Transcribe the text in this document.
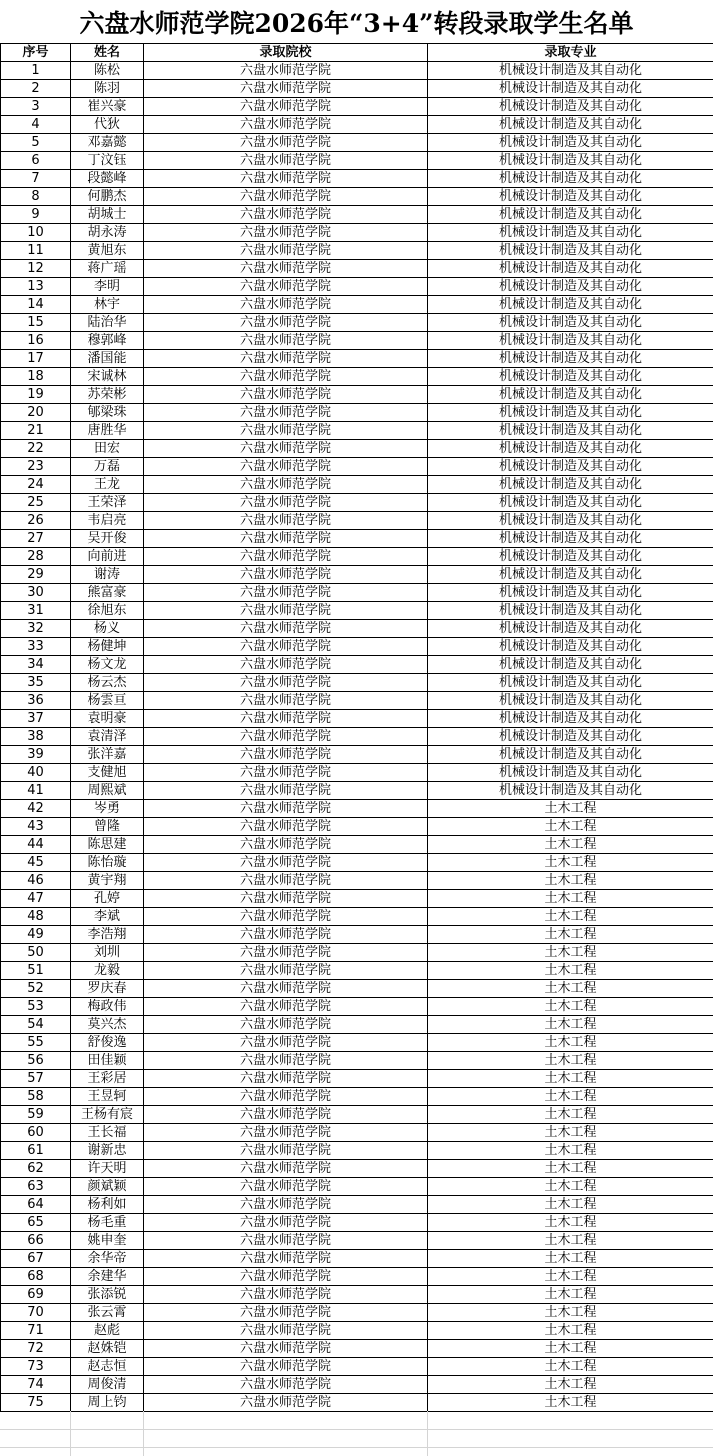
六盘水师范学院2026年“3+4”转段录取学生名单
序号	姓名	录取院校	录取专业
1	陈松	六盘水师范学院	机械设计制造及其自动化
2	陈羽	六盘水师范学院	机械设计制造及其自动化
3	崔兴豪	六盘水师范学院	机械设计制造及其自动化
4	代狄	六盘水师范学院	机械设计制造及其自动化
5	邓嘉懿	六盘水师范学院	机械设计制造及其自动化
6	丁汶钰	六盘水师范学院	机械设计制造及其自动化
7	段懿峰	六盘水师范学院	机械设计制造及其自动化
8	何鹏杰	六盘水师范学院	机械设计制造及其自动化
9	胡城士	六盘水师范学院	机械设计制造及其自动化
10	胡永涛	六盘水师范学院	机械设计制造及其自动化
11	黄旭东	六盘水师范学院	机械设计制造及其自动化
12	蒋广瑶	六盘水师范学院	机械设计制造及其自动化
13	李明	六盘水师范学院	机械设计制造及其自动化
14	林宇	六盘水师范学院	机械设计制造及其自动化
15	陆治华	六盘水师范学院	机械设计制造及其自动化
16	穆郭峰	六盘水师范学院	机械设计制造及其自动化
17	潘国能	六盘水师范学院	机械设计制造及其自动化
18	宋诚林	六盘水师范学院	机械设计制造及其自动化
19	苏荣彬	六盘水师范学院	机械设计制造及其自动化
20	郇梁珠	六盘水师范学院	机械设计制造及其自动化
21	唐胜华	六盘水师范学院	机械设计制造及其自动化
22	田宏	六盘水师范学院	机械设计制造及其自动化
23	万磊	六盘水师范学院	机械设计制造及其自动化
24	王龙	六盘水师范学院	机械设计制造及其自动化
25	王荣泽	六盘水师范学院	机械设计制造及其自动化
26	韦启亮	六盘水师范学院	机械设计制造及其自动化
27	吴开俊	六盘水师范学院	机械设计制造及其自动化
28	向前进	六盘水师范学院	机械设计制造及其自动化
29	谢涛	六盘水师范学院	机械设计制造及其自动化
30	熊富豪	六盘水师范学院	机械设计制造及其自动化
31	徐旭东	六盘水师范学院	机械设计制造及其自动化
32	杨义	六盘水师范学院	机械设计制造及其自动化
33	杨健坤	六盘水师范学院	机械设计制造及其自动化
34	杨文龙	六盘水师范学院	机械设计制造及其自动化
35	杨云杰	六盘水师范学院	机械设计制造及其自动化
36	杨雲亘	六盘水师范学院	机械设计制造及其自动化
37	袁明豪	六盘水师范学院	机械设计制造及其自动化
38	袁清泽	六盘水师范学院	机械设计制造及其自动化
39	张洋嘉	六盘水师范学院	机械设计制造及其自动化
40	支健旭	六盘水师范学院	机械设计制造及其自动化
41	周熙斌	六盘水师范学院	机械设计制造及其自动化
42	岑勇	六盘水师范学院	土木工程
43	曾隆	六盘水师范学院	土木工程
44	陈思建	六盘水师范学院	土木工程
45	陈怡璇	六盘水师范学院	土木工程
46	黄宇翔	六盘水师范学院	土木工程
47	孔婷	六盘水师范学院	土木工程
48	李斌	六盘水师范学院	土木工程
49	李浩翔	六盘水师范学院	土木工程
50	刘圳	六盘水师范学院	土木工程
51	龙毅	六盘水师范学院	土木工程
52	罗庆春	六盘水师范学院	土木工程
53	梅政伟	六盘水师范学院	土木工程
54	莫兴杰	六盘水师范学院	土木工程
55	舒俊逸	六盘水师范学院	土木工程
56	田佳颖	六盘水师范学院	土木工程
57	王彩居	六盘水师范学院	土木工程
58	王昱轲	六盘水师范学院	土木工程
59	王杨有宸	六盘水师范学院	土木工程
60	王长福	六盘水师范学院	土木工程
61	谢新忠	六盘水师范学院	土木工程
62	许天明	六盘水师范学院	土木工程
63	颜斌颖	六盘水师范学院	土木工程
64	杨利如	六盘水师范学院	土木工程
65	杨毛重	六盘水师范学院	土木工程
66	姚申奎	六盘水师范学院	土木工程
67	余华帝	六盘水师范学院	土木工程
68	余建华	六盘水师范学院	土木工程
69	张添锐	六盘水师范学院	土木工程
70	张云霄	六盘水师范学院	土木工程
71	赵彪	六盘水师范学院	土木工程
72	赵姝铠	六盘水师范学院	土木工程
73	赵志恒	六盘水师范学院	土木工程
74	周俊清	六盘水师范学院	土木工程
75	周上钧	六盘水师范学院	土木工程
